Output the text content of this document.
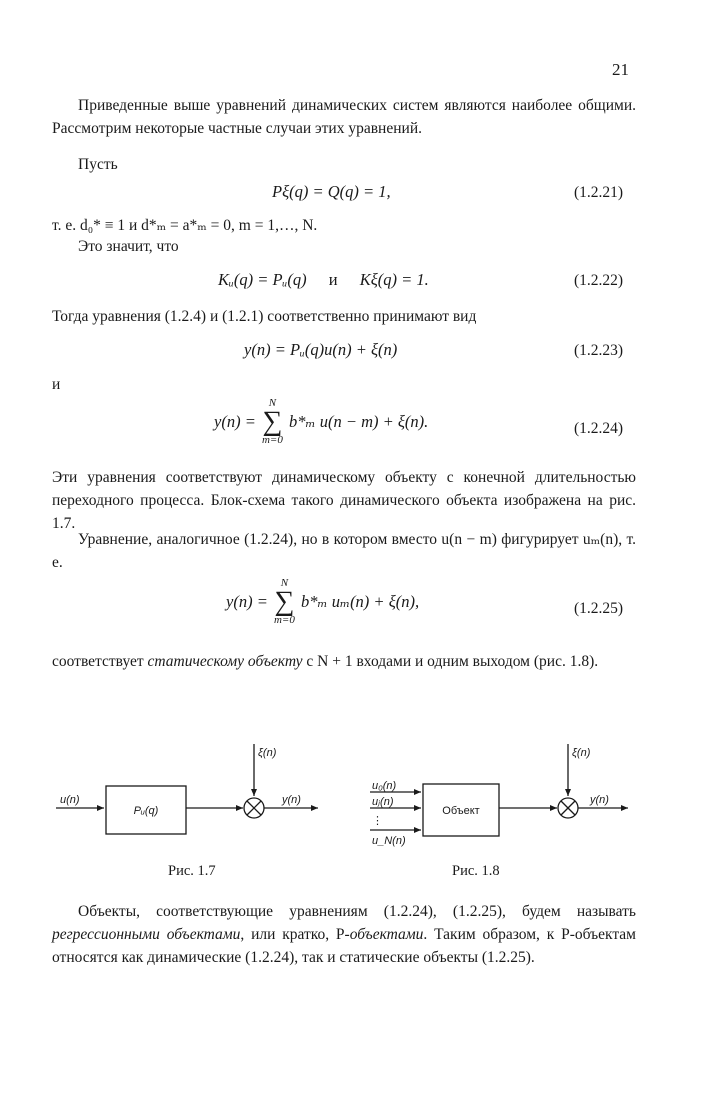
21
Приведенные выше уравнений динамических систем являются наиболее общими. Рассмотрим некоторые частные случаи этих уравнений.
Пусть
Pξ(q) = Q(q) = 1,	(1.2.21)
т. е. d₀* ≡ 1 и d*ₘ = a*ₘ = 0, m = 1,…, N.
Это значит, что
Kᵤ(q) = Pᵤ(q) и Kξ(q) = 1.	(1.2.22)
Тогда уравнения (1.2.4) и (1.2.1) соответственно принимают вид
y(n) = Pᵤ(q)u(n) + ξ(n)	(1.2.23)
и
y(n) =
N
∑
m=0
b*ₘ u(n − m) + ξ(n).	(1.2.24)
Эти уравнения соответствуют динамическому объекту с конечной длительностью переходного процесса. Блок-схема такого динамического объекта изображена на рис. 1.7.
Уравнение, аналогичное (1.2.24), но в котором вместо u(n − m) фигурирует uₘ(n), т. е.
y(n) =
N
∑
m=0
b*ₘ uₘ(n) + ξ(n),	(1.2.25)
соответствует статическому объекту с N + 1 входами и одним выходом (рис. 1.8).
u(n)
Pᵤ(q)
ξ(n)
y(n)
u₀(n)
uⱼ(n)
⋮
u_N(n)
Объект
ξ(n)
y(n)
Рис. 1.7	Рис. 1.8
Объекты, соответствующие уравнениям (1.2.24), (1.2.25), будем называть регрессионными объектами, или кратко, Р-объектами. Таким образом, к Р-объектам относятся как динамические (1.2.24), так и статические объекты (1.2.25).
